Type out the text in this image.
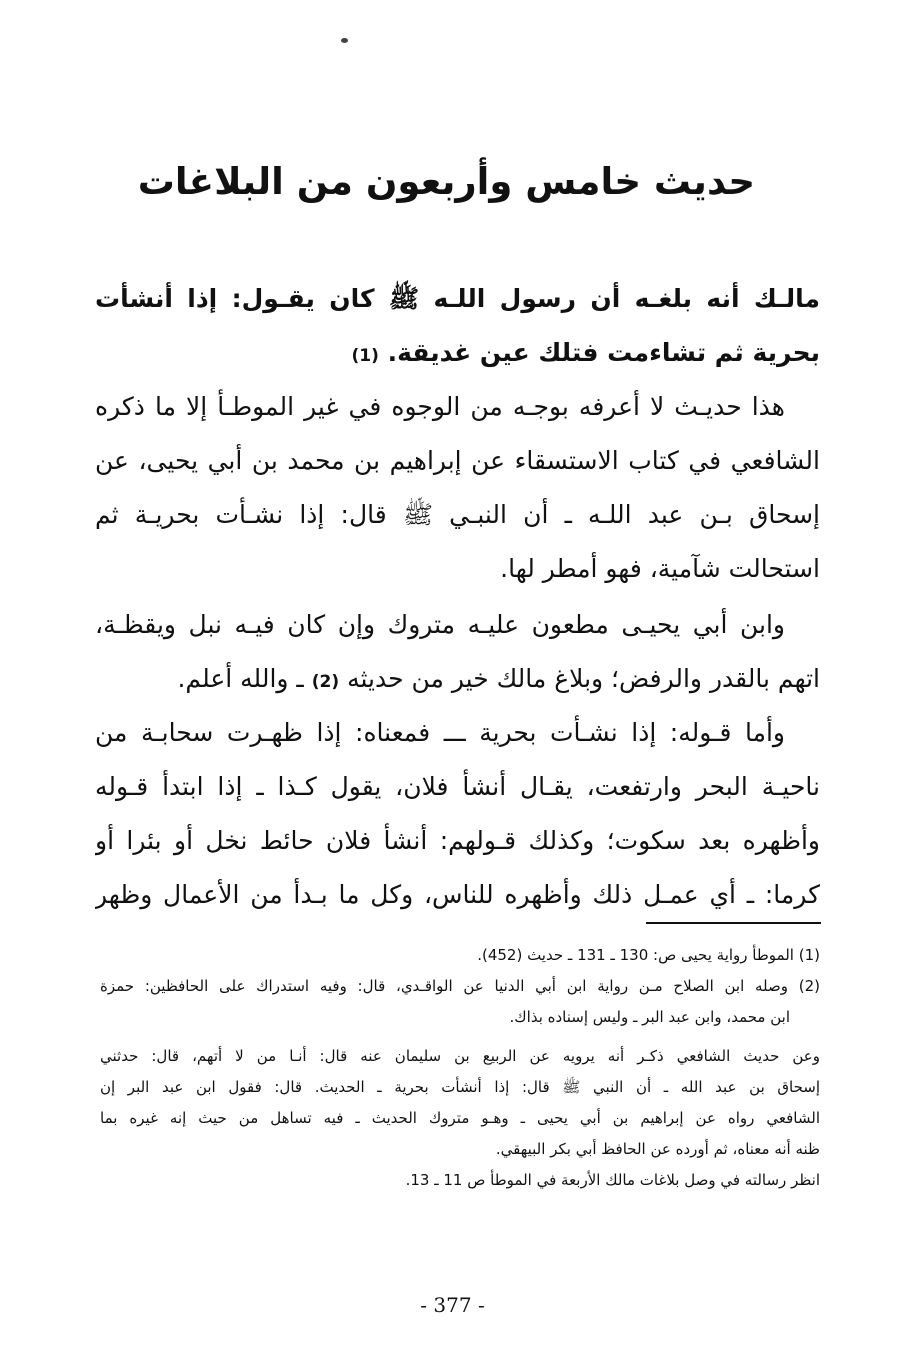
حديث خامس وأربعون من البلاغات
مالـك أنه بلغـه أن رسول اللـه ﷺ كان يقـول: إذا أنشأت
بحرية ثم تشاءمت فتلك عين غديقة. (1)
هذا حديـث لا أعرفه بوجـه من الوجوه في غير الموطـأ إلا ما ذكره
الشافعي في كتاب الاستسقاء عن إبراهيم بن محمد بن أبي يحيى، عن
إسحاق بـن عبد اللـه ـ أن النبـي ﷺ قال: إذا نشـأت بحريـة ثم
استحالت شآمية، فهو أمطر لها.
وابن أبي يحيـى مطعون عليـه متروك وإن كان فيـه نبل ويقظـة،
اتهم بالقدر والرفض؛ وبلاغ مالك خير من حديثه (2) ـ والله أعلم.
وأما قـوله: إذا نشـأت بحرية ـــ فمعناه: إذا ظهـرت سحابـة من
ناحيـة البحر وارتفعت، يقـال أنشأ فلان، يقول كـذا ـ إذا ابتدأ قـوله
وأظهره بعد سكوت؛ وكذلك قـولهم: أنشأ فلان حائط نخل أو بئرا أو
كرما: ـ أي عمـل ذلك وأظهره للناس، وكل ما بـدأ من الأعمال وظهر
(1) الموطأ رواية يحيى ص: 130 ـ 131 ـ حديث (452).
(2) وصله ابن الصلاح مـن رواية ابن أبي الدنيا عن الواقـدي، قال: وفيه استدراك على الحافظين: حمزة
ابن محمد، وابن عبد البر ـ وليس إسناده بذاك.
وعن حديث الشافعي ذكـر أنه يرويه عن الربيع بن سليمان عنه قال: أنـا من لا أتهم، قال: حدثني
إسحاق بن عبد الله ـ أن النبي ﷺ قال: إذا أنشأت بحرية ـ الحديث. قال: فقول ابن عبد البر إن
الشافعي رواه عن إبراهيم بن أبي يحيى ـ وهـو متروك الحديث ـ فيه تساهل من حيث إنه غيره بما
ظنه أنه معناه، ثم أورده عن الحافظ أبي بكر البيهقي.
انظر رسالته في وصل بلاغات مالك الأربعة في الموطأ ص 11 ـ 13.
- 377 -
